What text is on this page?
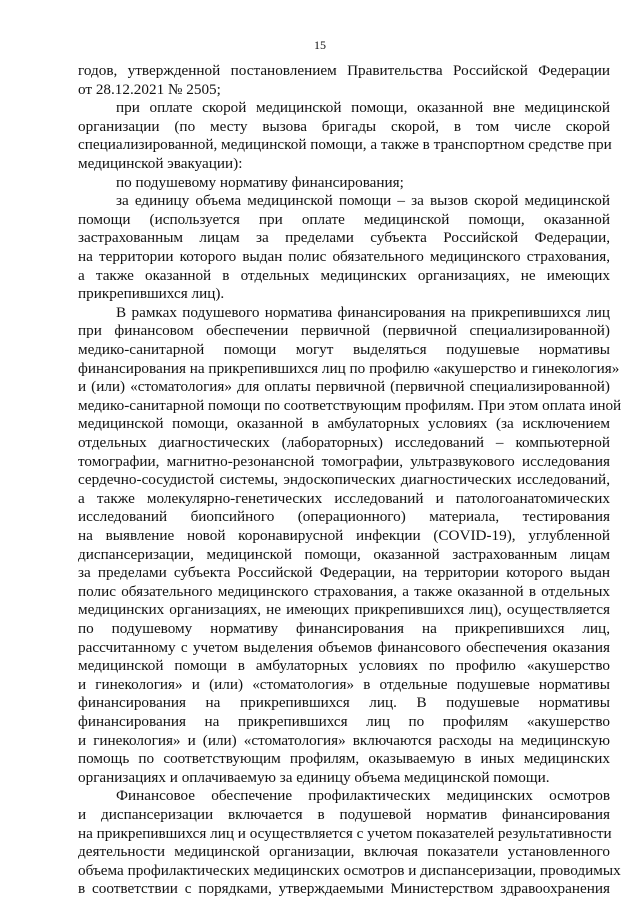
15
годов, утвержденной постановлением Правительства Российской Федерации
от 28.12.2021 № 2505;
при оплате скорой медицинской помощи, оказанной вне медицинской
организации (по месту вызова бригады скорой, в том числе скорой
специализированной, медицинской помощи, а также в транспортном средстве при
медицинской эвакуации):
по подушевому нормативу финансирования;
за единицу объема медицинской помощи – за вызов скорой медицинской
помощи (используется при оплате медицинской помощи, оказанной
застрахованным лицам за пределами субъекта Российской Федерации,
на территории которого выдан полис обязательного медицинского страхования,
а также оказанной в отдельных медицинских организациях, не имеющих
прикрепившихся лиц).
В рамках подушевого норматива финансирования на прикрепившихся лиц
при финансовом обеспечении первичной (первичной специализированной)
медико-санитарной помощи могут выделяться подушевые нормативы
финансирования на прикрепившихся лиц по профилю «акушерство и гинекология»
и (или) «стоматология» для оплаты первичной (первичной специализированной)
медико-санитарной помощи по соответствующим профилям. При этом оплата иной
медицинской помощи, оказанной в амбулаторных условиях (за исключением
отдельных диагностических (лабораторных) исследований – компьютерной
томографии, магнитно-резонансной томографии, ультразвукового исследования
сердечно-сосудистой системы, эндоскопических диагностических исследований,
а также молекулярно-генетических исследований и патологоанатомических
исследований биопсийного (операционного) материала, тестирования
на выявление новой коронавирусной инфекции (COVID-19), углубленной
диспансеризации, медицинской помощи, оказанной застрахованным лицам
за пределами субъекта Российской Федерации, на территории которого выдан
полис обязательного медицинского страхования, а также оказанной в отдельных
медицинских организациях, не имеющих прикрепившихся лиц), осуществляется
по подушевому нормативу финансирования на прикрепившихся лиц,
рассчитанному с учетом выделения объемов финансового обеспечения оказания
медицинской помощи в амбулаторных условиях по профилю «акушерство
и гинекология» и (или) «стоматология» в отдельные подушевые нормативы
финансирования на прикрепившихся лиц. В подушевые нормативы
финансирования на прикрепившихся лиц по профилям «акушерство
и гинекология» и (или) «стоматология» включаются расходы на медицинскую
помощь по соответствующим профилям, оказываемую в иных медицинских
организациях и оплачиваемую за единицу объема медицинской помощи.
Финансовое обеспечение профилактических медицинских осмотров
и диспансеризации включается в подушевой норматив финансирования
на прикрепившихся лиц и осуществляется с учетом показателей результативности
деятельности медицинской организации, включая показатели установленного
объема профилактических медицинских осмотров и диспансеризации, проводимых
в соответствии с порядками, утверждаемыми Министерством здравоохранения
